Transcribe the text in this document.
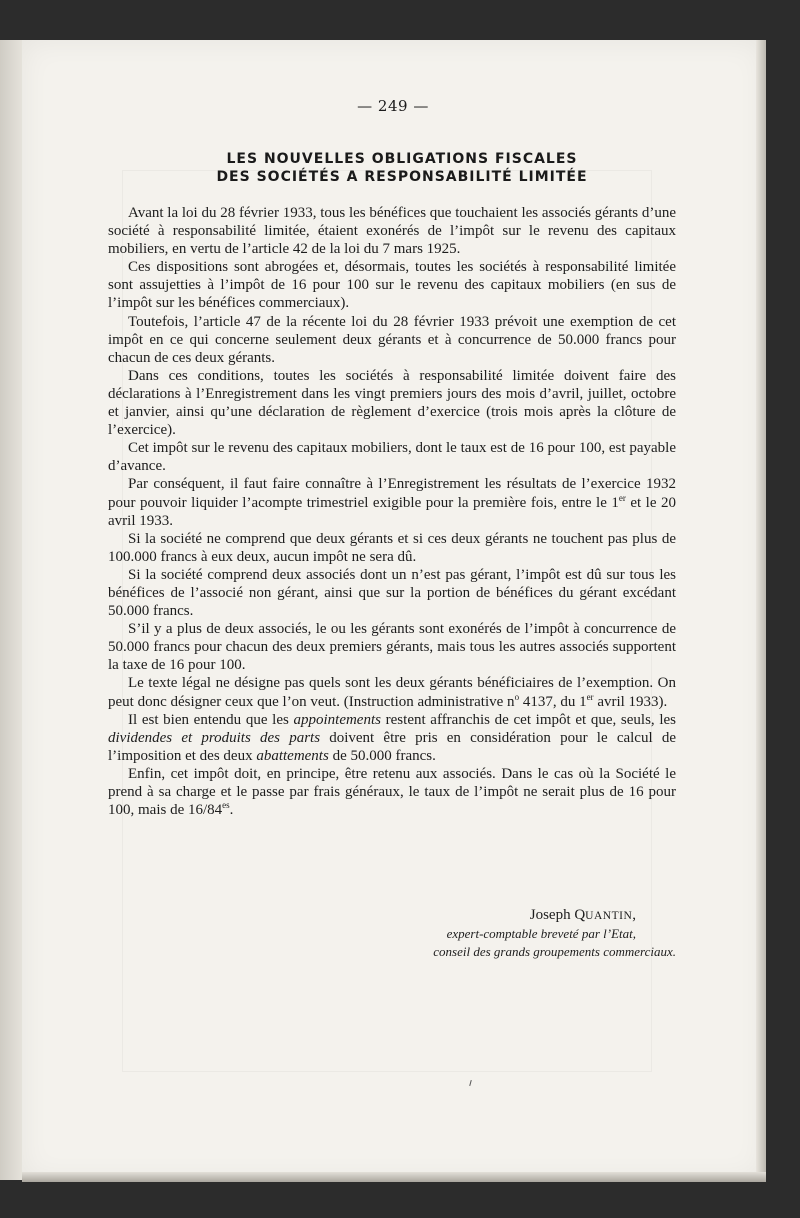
— 249 —
LES NOUVELLES OBLIGATIONS FISCALES
DES SOCIÉTÉS A RESPONSABILITÉ LIMITÉE

Avant la loi du 28 février 1933, tous les bénéfices que touchaient les associés gérants d’une société à responsabilité limitée, étaient exonérés de l’impôt sur le revenu des capitaux mobiliers, en vertu de l’article 42 de la loi du 7 mars 1925.

Ces dispositions sont abrogées et, désormais, toutes les sociétés à responsabilité limitée sont assujetties à l’impôt de 16 pour 100 sur le revenu des capitaux mobiliers (en sus de l’impôt sur les bénéfices commerciaux).

Toutefois, l’article 47 de la récente loi du 28 février 1933 prévoit une exemption de cet impôt en ce qui concerne seulement deux gérants et à concurrence de 50.000 francs pour chacun de ces deux gérants.

Dans ces conditions, toutes les sociétés à responsabilité limitée doivent faire des déclarations à l’Enregistrement dans les vingt premiers jours des mois d’avril, juillet, octobre et janvier, ainsi qu’une déclaration de règlement d’exercice (trois mois après la clôture de l’exercice).

Cet impôt sur le revenu des capitaux mobiliers, dont le taux est de 16 pour 100, est payable d’avance.

Par conséquent, il faut faire connaître à l’Enregistrement les résultats de l’exercice 1932 pour pouvoir liquider l’acompte trimestriel exigible pour la première fois, entre le 1er et le 20 avril 1933.

Si la société ne comprend que deux gérants et si ces deux gérants ne touchent pas plus de 100.000 francs à eux deux, aucun impôt ne sera dû.

Si la société comprend deux associés dont un n’est pas gérant, l’impôt est dû sur tous les bénéfices de l’associé non gérant, ainsi que sur la portion de bénéfices du gérant excédant 50.000 francs.

S’il y a plus de deux associés, le ou les gérants sont exonérés de l’impôt à concurrence de 50.000 francs pour chacun des deux premiers gérants, mais tous les autres associés supportent la taxe de 16 pour 100.

Le texte légal ne désigne pas quels sont les deux gérants bénéficiaires de l’exemption. On peut donc désigner ceux que l’on veut. (Instruction administrative $n^o$ 4137, du 1er avril 1933).

Il est bien entendu que les appointements restent affranchis de cet impôt et que, seuls, les dividendes et produits des parts doivent être pris en considération pour le calcul de l’imposition et des deux abattements de 50.000 francs.

Enfin, cet impôt doit, en principe, être retenu aux associés. Dans le cas où la Société le prend à sa charge et le passe par frais généraux, le taux de l’impôt ne serait plus de 16 pour 100, mais de $16/84^{es}$.

Joseph QUANTIN,
expert-comptable breveté par l’Etat,
conseil des grands groupements commerciaux.
